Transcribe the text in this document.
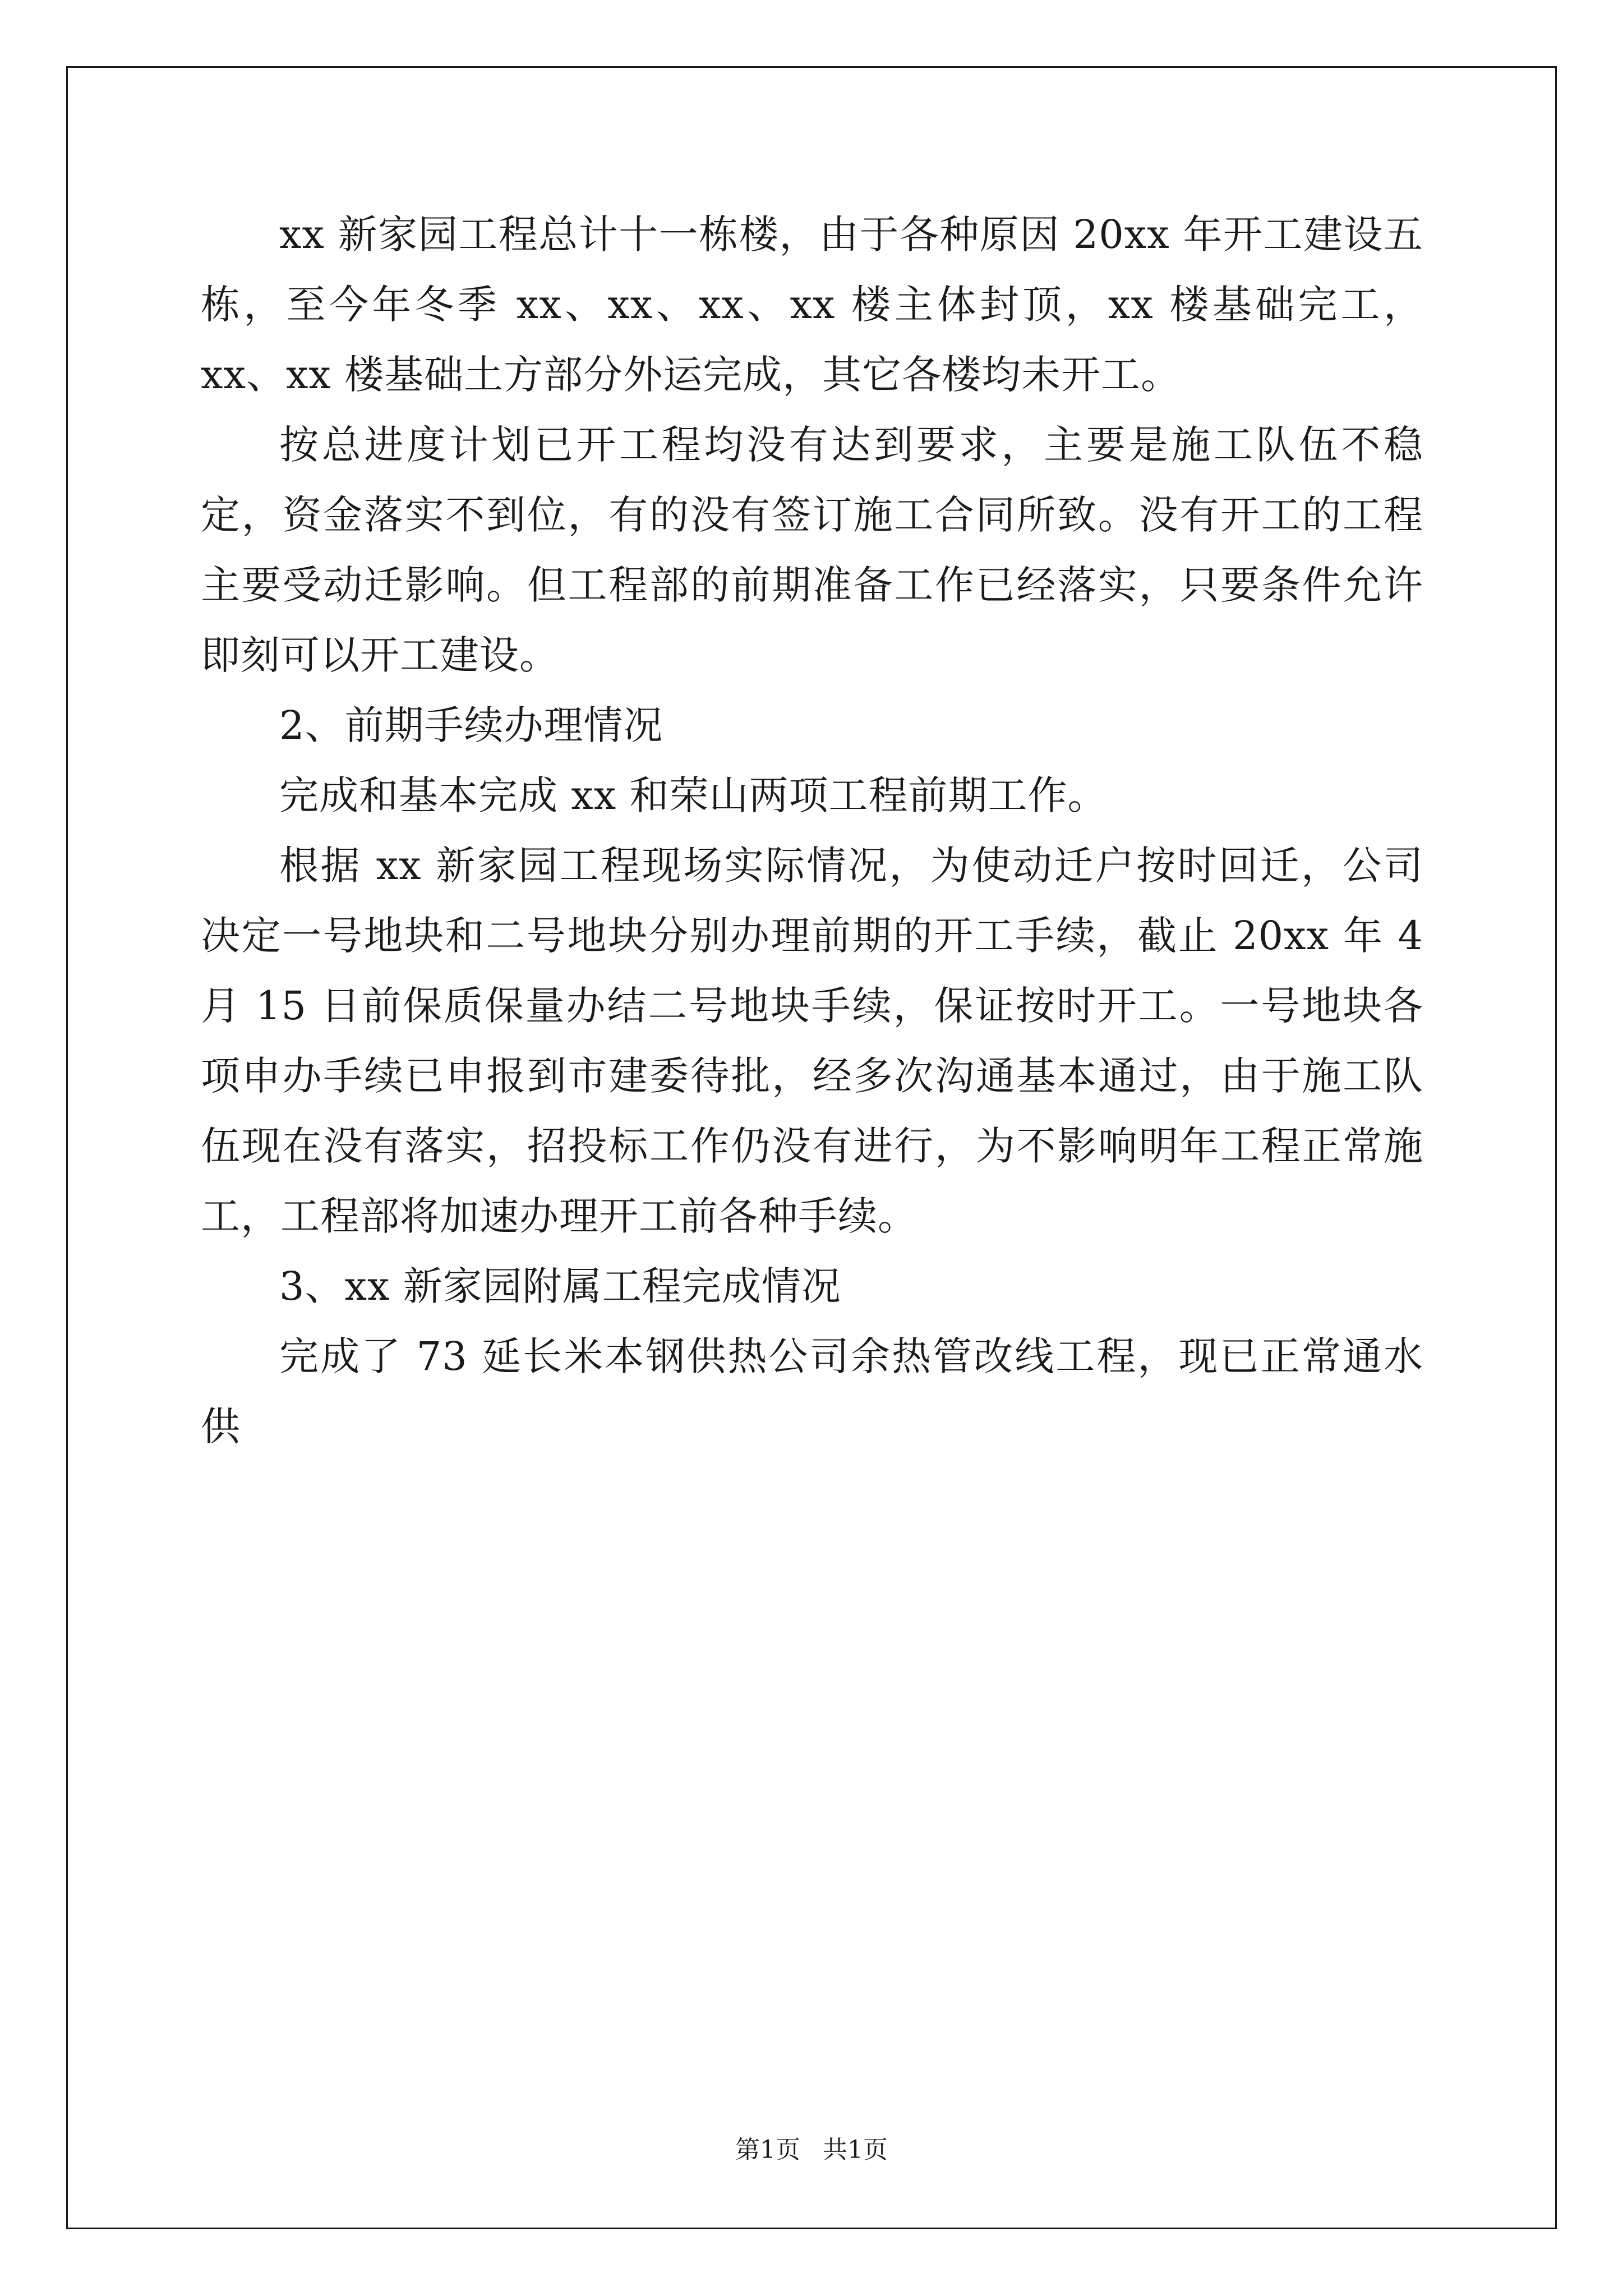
xx 新家园工程总计十一栋楼，由于各种原因 20xx 年开工建设五栋，至今年冬季 xx、xx、xx、xx 楼主体封顶，xx 楼基础完工，xx、xx 楼基础土方部分外运完成，其它各楼均未开工。

按总进度计划已开工程均没有达到要求，主要是施工队伍不稳定，资金落实不到位，有的没有签订施工合同所致。没有开工的工程主要受动迁影响。但工程部的前期准备工作已经落实，只要条件允许即刻可以开工建设。

2、前期手续办理情况

完成和基本完成 xx 和荣山两项工程前期工作。

根据 xx 新家园工程现场实际情况，为使动迁户按时回迁，公司决定一号地块和二号地块分别办理前期的开工手续，截止 20xx 年 4 月 15 日前保质保量办结二号地块手续，保证按时开工。一号地块各项申办手续已申报到市建委待批，经多次沟通基本通过，由于施工队伍现在没有落实，招投标工作仍没有进行，为不影响明年工程正常施工，工程部将加速办理开工前各种手续。

3、xx 新家园附属工程完成情况

完成了 73 延长米本钢供热公司余热管改线工程，现已正常通水供

第1页 共1页
